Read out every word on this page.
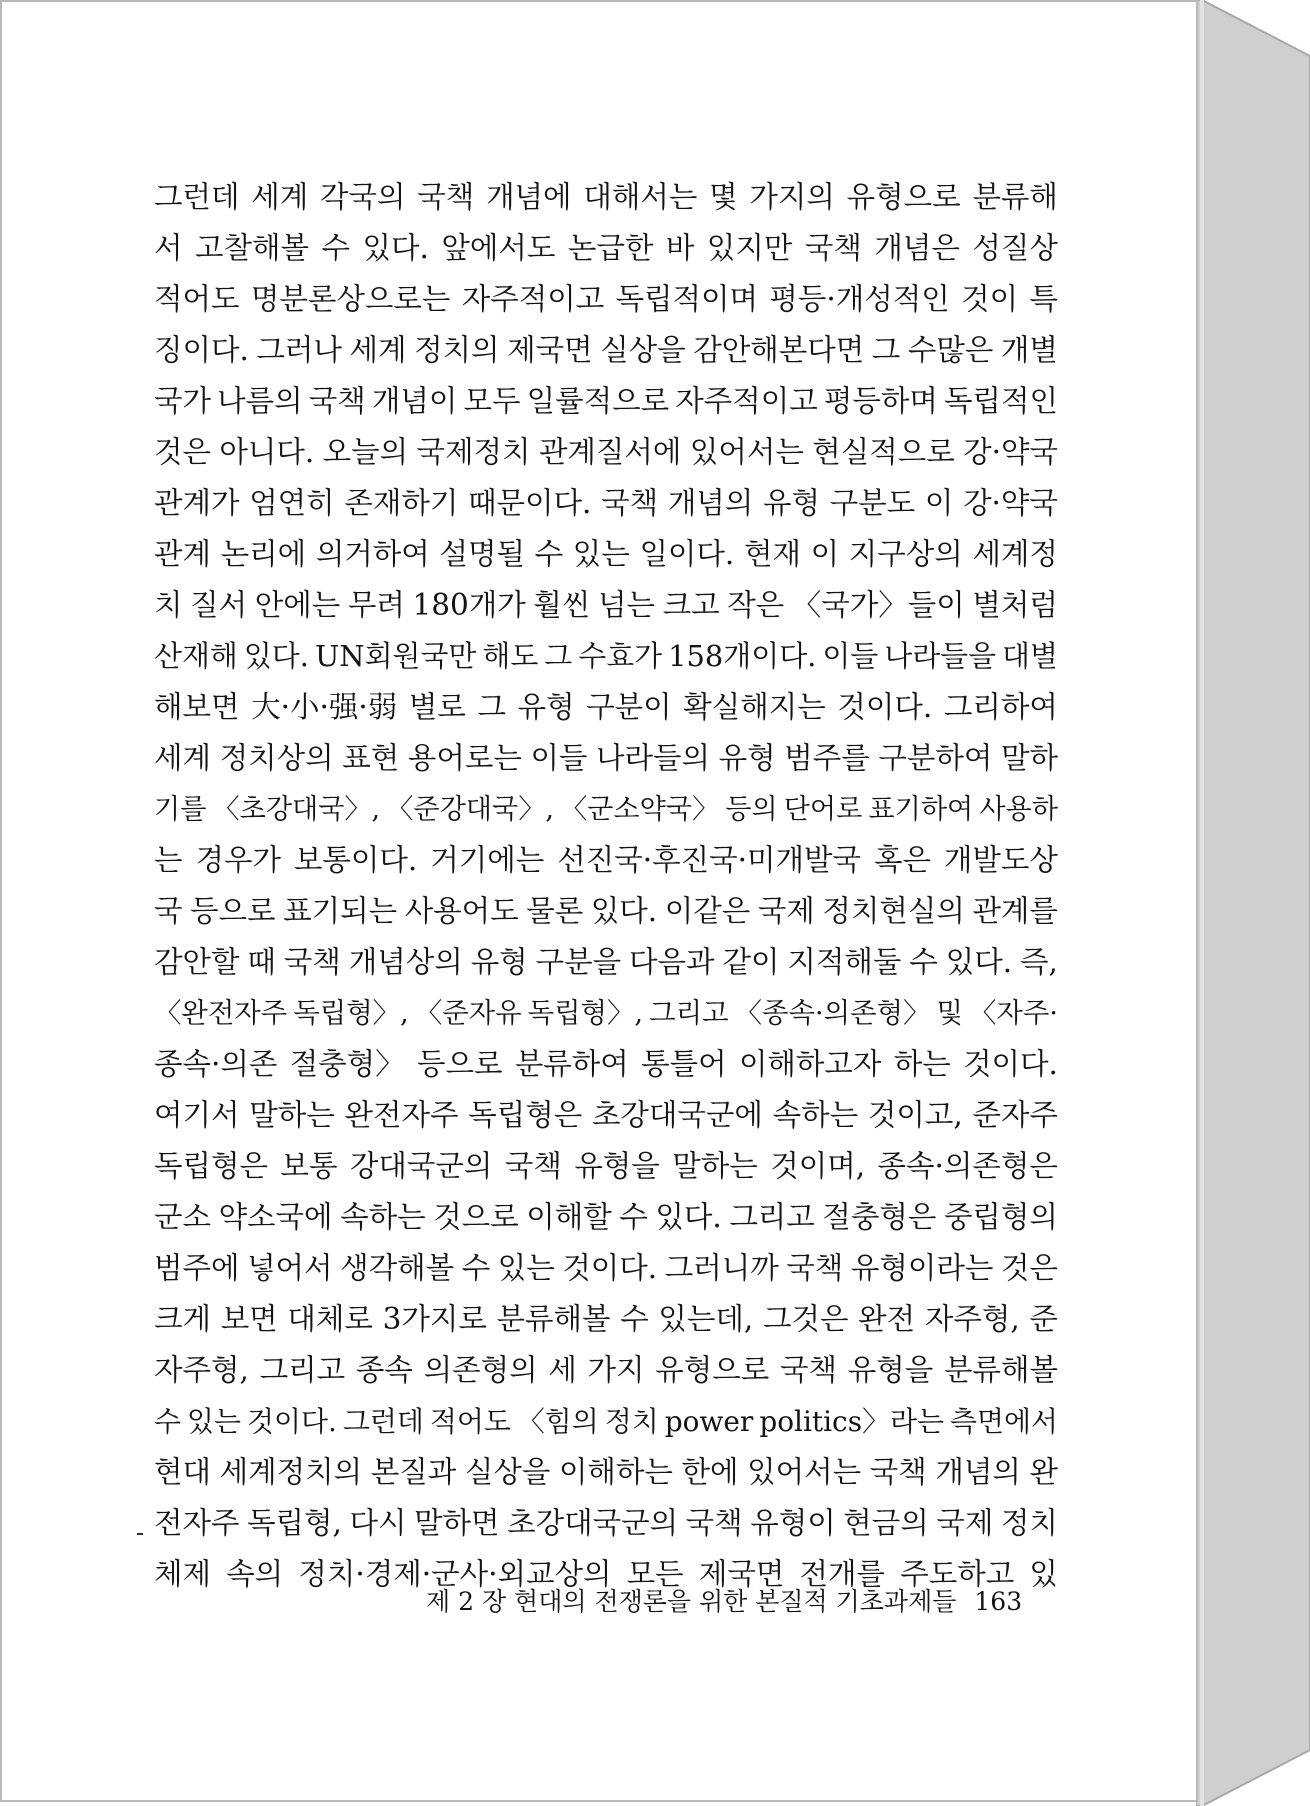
그런데 세계 각국의 국책 개념에 대해서는 몇 가지의 유형으로 분류해
서 고찰해볼 수 있다. 앞에서도 논급한 바 있지만 국책 개념은 성질상
적어도 명분론상으로는 자주적이고 독립적이며 평등·개성적인 것이 특
징이다. 그러나 세계 정치의 제국면 실상을 감안해본다면 그 수많은 개별
국가 나름의 국책 개념이 모두 일률적으로 자주적이고 평등하며 독립적인
것은 아니다. 오늘의 국제정치 관계질서에 있어서는 현실적으로 강·약국
관계가 엄연히 존재하기 때문이다. 국책 개념의 유형 구분도 이 강·약국
관계 논리에 의거하여 설명될 수 있는 일이다. 현재 이 지구상의 세계정
치 질서 안에는 무려 180개가 훨씬 넘는 크고 작은 〈국가〉들이 별처럼
산재해 있다. UN회원국만 해도 그 수효가 158개이다. 이들 나라들을 대별
해보면 大·小·强·弱 별로 그 유형 구분이 확실해지는 것이다. 그리하여
세계 정치상의 표현 용어로는 이들 나라들의 유형 범주를 구분하여 말하
기를 〈초강대국〉, 〈준강대국〉, 〈군소약국〉 등의 단어로 표기하여 사용하
는 경우가 보통이다. 거기에는 선진국·후진국·미개발국 혹은 개발도상
국 등으로 표기되는 사용어도 물론 있다. 이같은 국제 정치현실의 관계를
감안할 때 국책 개념상의 유형 구분을 다음과 같이 지적해둘 수 있다. 즉,
〈완전자주 독립형〉, 〈준자유 독립형〉, 그리고 〈종속·의존형〉 및 〈자주·
종속·의존 절충형〉 등으로 분류하여 통틀어 이해하고자 하는 것이다.
여기서 말하는 완전자주 독립형은 초강대국군에 속하는 것이고, 준자주
독립형은 보통 강대국군의 국책 유형을 말하는 것이며, 종속·의존형은
군소 약소국에 속하는 것으로 이해할 수 있다. 그리고 절충형은 중립형의
범주에 넣어서 생각해볼 수 있는 것이다. 그러니까 국책 유형이라는 것은
크게 보면 대체로 3가지로 분류해볼 수 있는데, 그것은 완전 자주형, 준
자주형, 그리고 종속 의존형의 세 가지 유형으로 국책 유형을 분류해볼
수 있는 것이다. 그런데 적어도 〈힘의 정치 power politics〉라는 측면에서
현대 세계정치의 본질과 실상을 이해하는 한에 있어서는 국책 개념의 완
전자주 독립형, 다시 말하면 초강대국군의 국책 유형이 현금의 국제 정치
체제 속의 정치·경제·군사·외교상의 모든 제국면 전개를 주도하고 있
제 2 장 현대의 전쟁론을 위한 본질적 기초과제들 163
